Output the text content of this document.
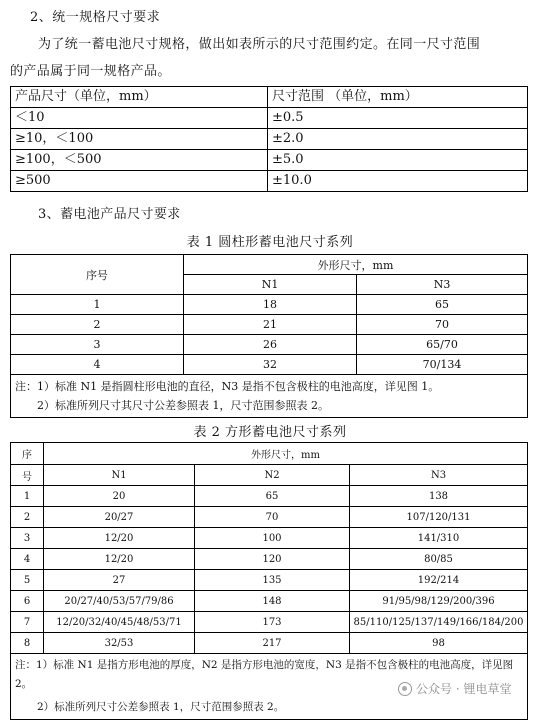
2、统一规格尺寸要求
为了统一蓄电池尺寸规格，做出如表所示的尺寸范围约定。在同一尺寸范围
的产品属于同一规格产品。
产品尺寸（单位，mm）	尺寸范围 （单位，mm）
＜10	±0.5
≥10，＜100	±2.0
≥100，＜500	±5.0
≥500	±10.0
3、蓄电池产品尺寸要求
表 1 圆柱形蓄电池尺寸系列
序号	外形尺寸，mm	
	N1	N3
1	18	65
2	21	70
3	26	65/70
4	32	70/134

注：1）标准 N1 是指圆柱形电池的直径，N3 是指不包含极柱的电池高度，详见图 1。
2）标准所列尺寸其尺寸公差参照表 1，尺寸范围参照表 2。		
表 2 方形蓄电池尺寸系列
序	外形尺寸，mm		
号	N1	N2	N3
1	20	65	138
2	20/27	70	107/120/131
3	12/20	100	141/310
4	12/20	120	80/85
5	27	135	192/214
6	20/27/40/53/57/79/86	148	91/95/98/129/200/396
7	12/20/32/40/45/48/53/71	173	85/110/125/137/149/166/184/200
8	32/53	217	98

注：1）标准 N1 是指方形电池的厚度，N2 是指方形电池的宽度，N3 是指不包含极柱的电池高度，详见图 2。
2）标准所列尺寸公差参照表 1，尺寸范围参照表 2。			
公众号 · 锂电草堂
